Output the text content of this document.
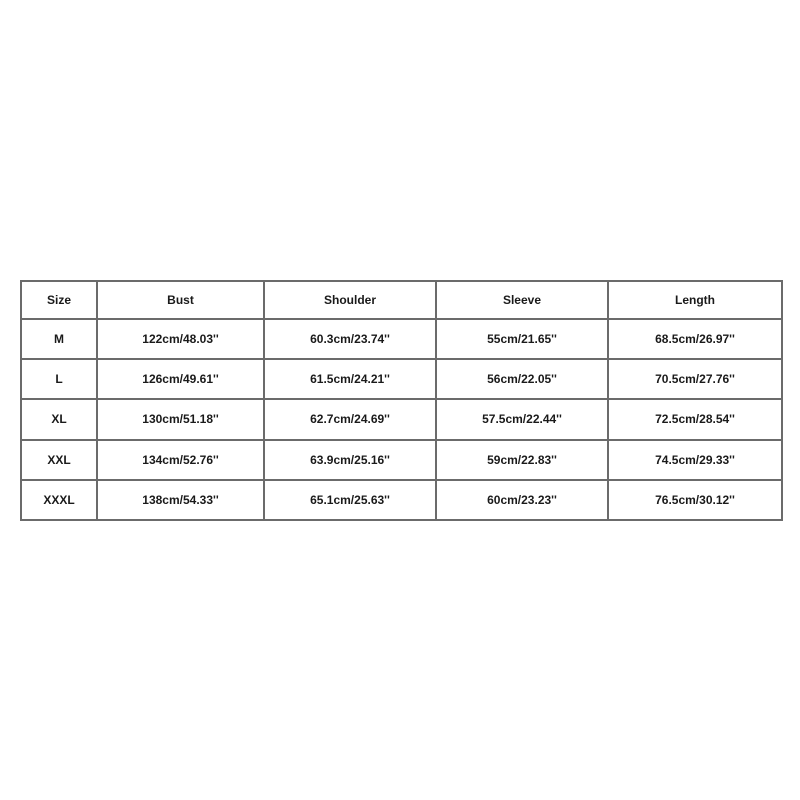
Size	Bust	Shoulder	Sleeve	Length
M	122cm/48.03''	60.3cm/23.74''	55cm/21.65''	68.5cm/26.97''
L	126cm/49.61''	61.5cm/24.21''	56cm/22.05''	70.5cm/27.76''
XL	130cm/51.18''	62.7cm/24.69''	57.5cm/22.44''	72.5cm/28.54''
XXL	134cm/52.76''	63.9cm/25.16''	59cm/22.83''	74.5cm/29.33''
XXXL	138cm/54.33''	65.1cm/25.63''	60cm/23.23''	76.5cm/30.12''
